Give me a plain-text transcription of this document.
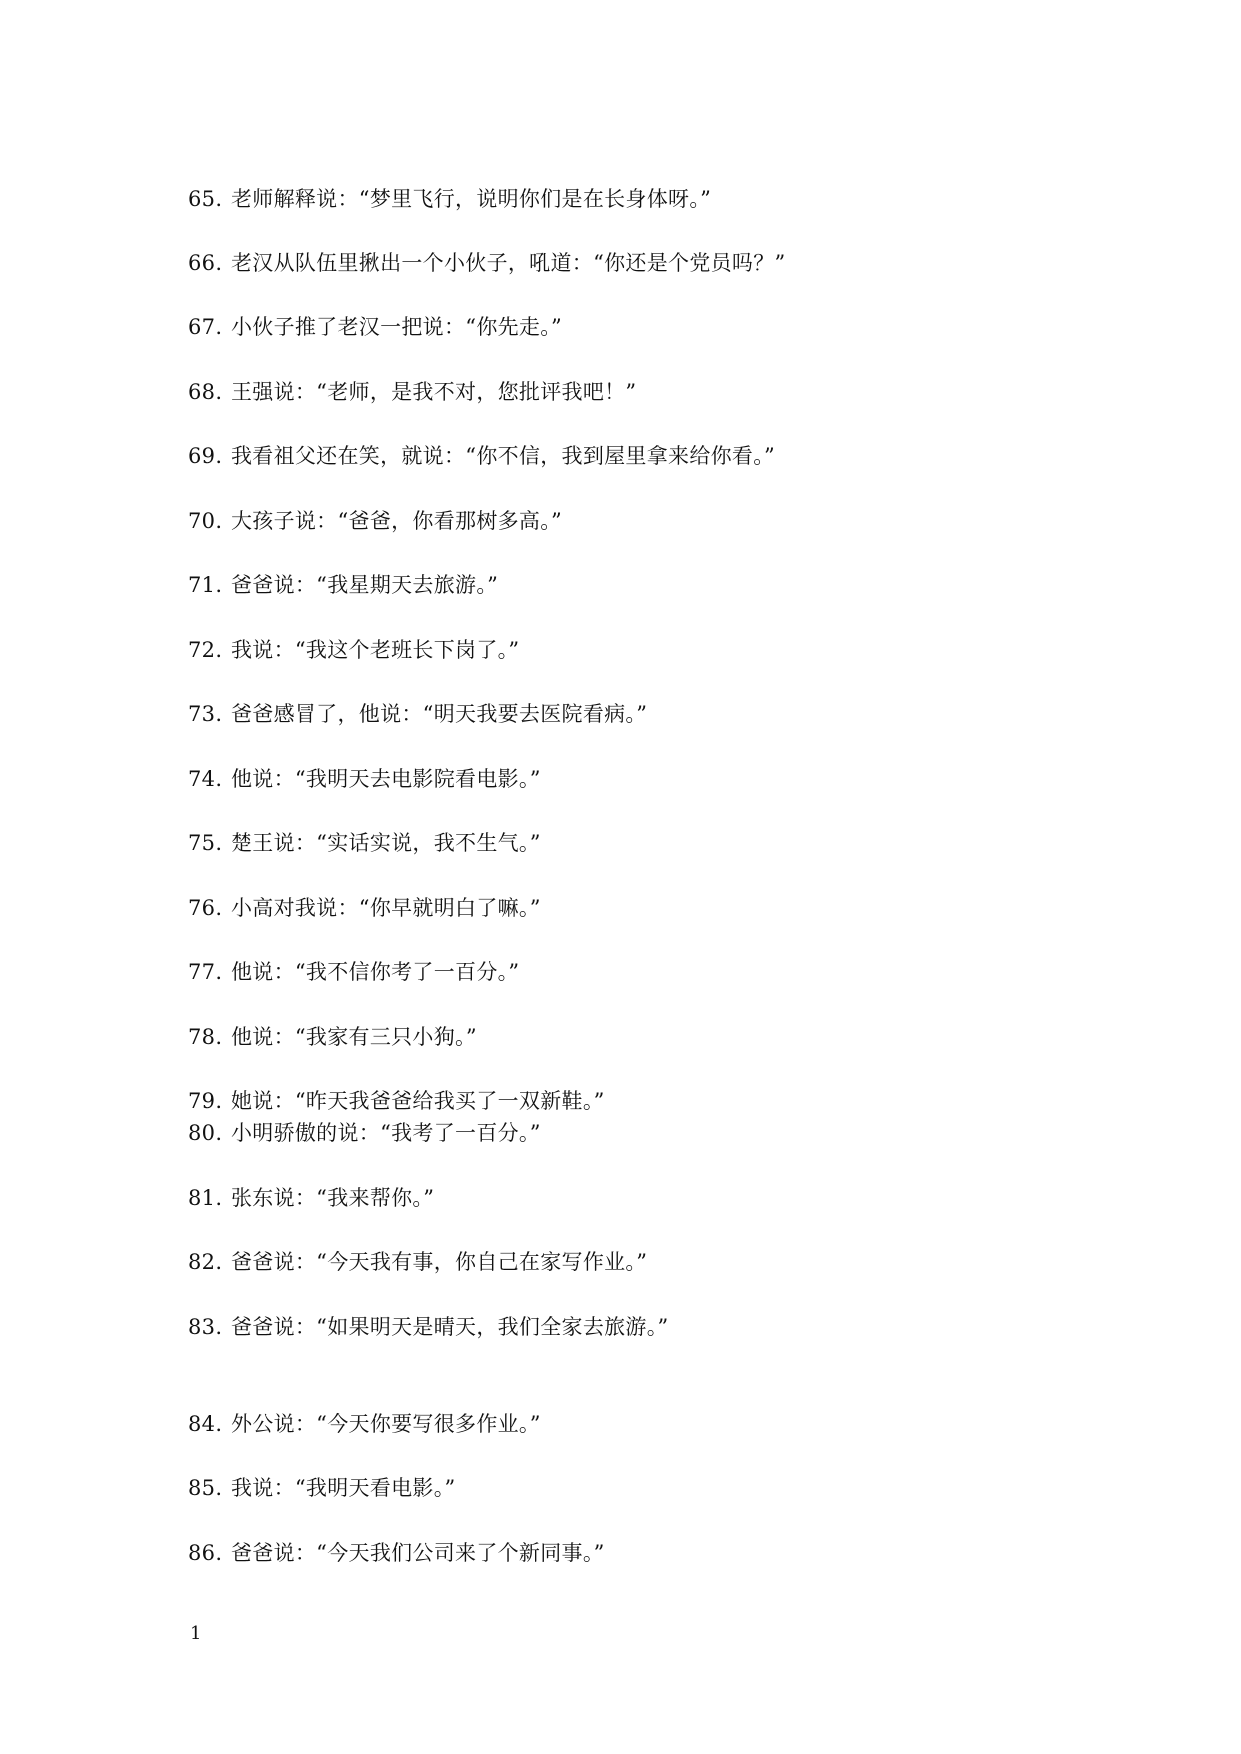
65. 老师解释说：“梦里飞行，说明你们是在长身体呀。”
66. 老汉从队伍里揪出一个小伙子，吼道：“你还是个党员吗？”
67. 小伙子推了老汉一把说：“你先走。”
68. 王强说：“老师，是我不对，您批评我吧！”
69. 我看祖父还在笑，就说：“你不信，我到屋里拿来给你看。”
70. 大孩子说：“爸爸，你看那树多高。”
71. 爸爸说：“我星期天去旅游。”
72. 我说：“我这个老班长下岗了。”
73. 爸爸感冒了，他说：“明天我要去医院看病。”
74. 他说：“我明天去电影院看电影。”
75. 楚王说：“实话实说，我不生气。”
76. 小高对我说：“你早就明白了嘛。”
77. 他说：“我不信你考了一百分。”
78. 他说：“我家有三只小狗。”
79. 她说：“昨天我爸爸给我买了一双新鞋。”
80. 小明骄傲的说：“我考了一百分。”
81. 张东说：“我来帮你。”
82. 爸爸说：“今天我有事，你自己在家写作业。”
83. 爸爸说：“如果明天是晴天，我们全家去旅游。”
84. 外公说：“今天你要写很多作业。”
85. 我说：“我明天看电影。”
86. 爸爸说：“今天我们公司来了个新同事。”
1
